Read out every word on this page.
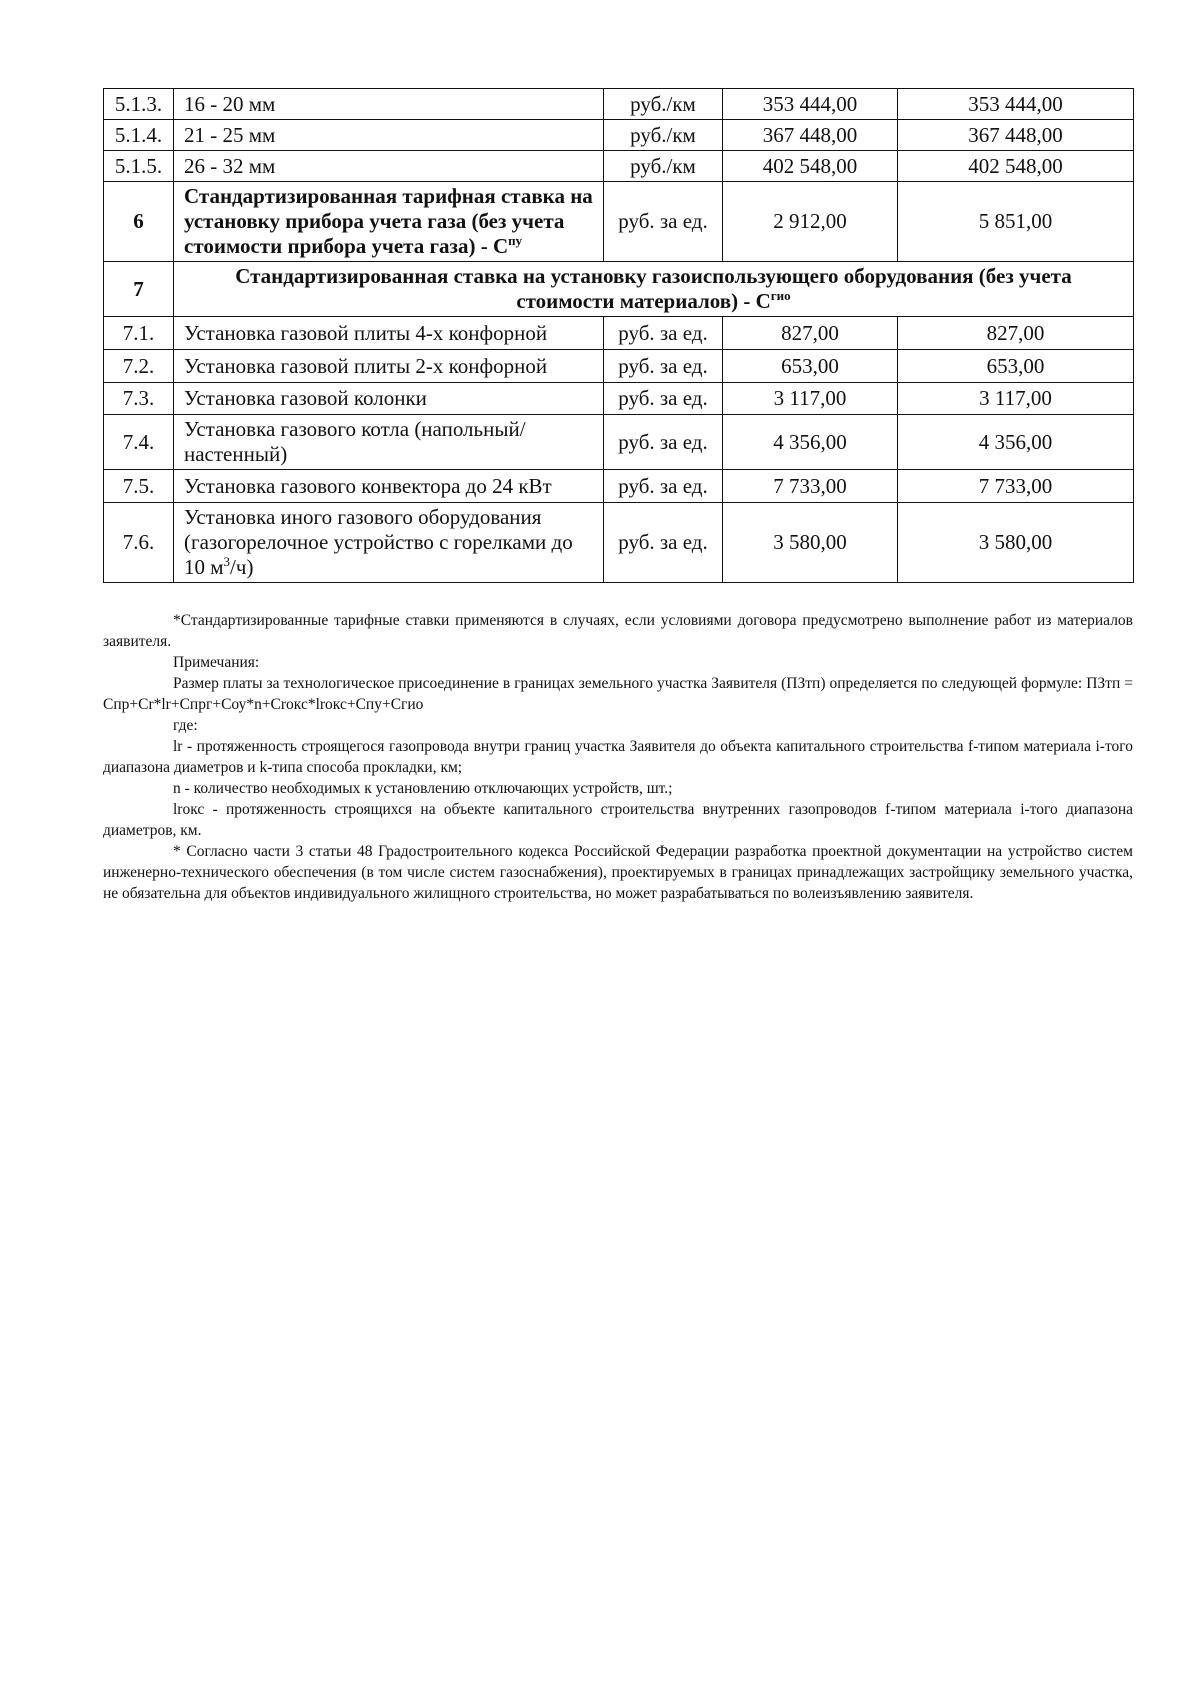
5.1.3.	16 - 20 мм	руб./км	353 444,00	353 444,00
5.1.4.	21 - 25 мм	руб./км	367 448,00	367 448,00
5.1.5.	26 - 32 мм	руб./км	402 548,00	402 548,00
6	Стандартизированная тарифная ставка на установку прибора учета газа (без учета стоимости прибора учета газа) - $С^{пу}$	руб. за ед.	2 912,00	5 851,00
7	Стандартизированная ставка на установку газоиспользующего оборудования (без учета стоимости материалов) - $С^{гио}$
7.1.	Установка газовой плиты 4-х конфорной	руб. за ед.	827,00	827,00
7.2.	Установка газовой плиты 2-х конфорной	руб. за ед.	653,00	653,00
7.3.	Установка газовой колонки	руб. за ед.	3 117,00	3 117,00
7.4.	Установка газового котла (напольный/настенный)	руб. за ед.	4 356,00	4 356,00
7.5.	Установка газового конвектора до 24 кВт	руб. за ед.	7 733,00	7 733,00
7.6.	Установка иного газового оборудования (газогорелочное устройство с горелками до 10 $м^3/ч$)	руб. за ед.	3 580,00	3 580,00

*Стандартизированные тарифные ставки применяются в случаях, если условиями договора предусмотрено выполнение работ из материалов заявителя.

Примечания:

Размер платы за технологическое присоединение в границах земельного участка Заявителя (ПЗтп) определяется по следующей формуле: ПЗтп = Спр+Сr*lr+Спрг+Соу*n+Сrокс*lrокс+Спу+Сгио

где:

lr - протяженность строящегося газопровода внутри границ участка Заявителя до объекта капитального строительства f-типом материала i-того диапазона диаметров и k-типа способа прокладки, км;

n - количество необходимых к установлению отключающих устройств, шт.;

lrокс - протяженность строящихся на объекте капитального строительства внутренних газопроводов f-типом материала i-того диапазона диаметров, км.

* Согласно части 3 статьи 48 Градостроительного кодекса Российской Федерации разработка проектной документации на устройство систем инженерно-технического обеспечения (в том числе систем газоснабжения), проектируемых в границах принадлежащих застройщику земельного участка, не обязательна для объектов индивидуального жилищного строительства, но может разрабатываться по волеизъявлению заявителя.
